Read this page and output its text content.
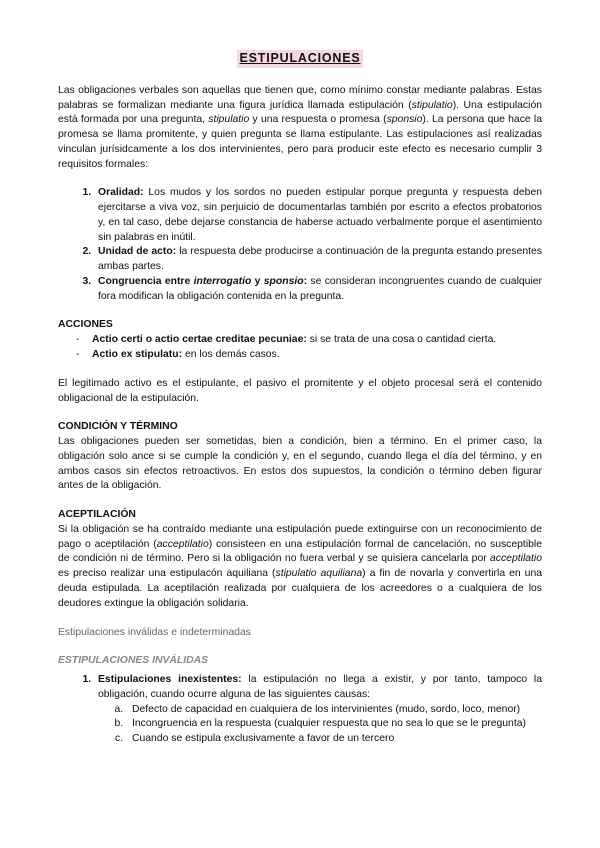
ESTIPULACIONES

Las obligaciones verbales son aquellas que tienen que, como mínimo constar mediante palabras. Estas palabras se formalizan mediante una figura jurídica llamada estipulación (stipulatio). Una estipulación está formada por una pregunta, stipulatio y una respuesta o promesa (sponsio). La persona que hace la promesa se llama promitente, y quien pregunta se llama estipulante. Las estipulaciones así realizadas vinculan jurísidcamente a los dos intervinientes, pero para producir este efecto es necesario cumplir 3 requisitos formales:

1. Oralidad: Los mudos y los sordos no pueden estipular porque pregunta y respuesta deben ejercitarse a viva voz, sin perjuicio de documentarlas también por escrito a efectos probatorios y, en tal caso, debe dejarse constancia de haberse actuado verbalmente porque el asentimiento sin palabras en inútil.
2. Unidad de acto: la respuesta debe producirse a continuación de la pregunta estando presentes ambas partes.
3. Congruencia entre interrogatio y sponsio: se consideran incongruentes cuando de cualquier fora modifican la obligación contenida en la pregunta.

ACCIONES

- Actio certi o actio certae creditae pecuniae: si se trata de una cosa o cantidad cierta.
- Actio ex stipulatu: en los demás casos.

El legitimado activo es el estipulante, el pasivo el promitente y el objeto procesal será el contenido obligacional de la estipulación.

CONDICIÓN Y TÉRMINO

Las obligaciones pueden ser sometidas, bien a condición, bien a término. En el primer caso, la obligación solo ance si se cumple la condición y, en el segundo, cuando llega el día del término, y en ambos casos sin efectos retroactivos. En estos dos supuestos, la condición o término deben figurar antes de la obligación.

ACEPTILACIÓN

Si la obligación se ha contraído mediante una estipulación puede extinguirse con un reconocimiento de pago o aceptilación (acceptilatio) consisteen en una estipulación formal de cancelación, no susceptible de condición ni de término. Pero si la obligación no fuera verbal y se quisiera cancelarla por acceptilatio es preciso realizar una estipulacón aquiliana (stipulatio aquiliana) a fin de novarla y convertirla en una deuda estipulada. La aceptilación realizada por cualquiera de los acreedores o a cualquiera de los deudores extingue la obligación solidaria.

Estipulaciones inválidas e indeterminadas

ESTIPULACIONES INVÁLIDAS

1. Estipulaciones inexistentes: la estipulación no llega a existir, y por tanto, tampoco la obligación, cuando ocurre alguna de las siguientes causas:
a. Defecto de capacidad en cualquiera de los intervinientes (mudo, sordo, loco, menor)
b. Incongruencia en la respuesta (cualquier respuesta que no sea lo que se le pregunta)
c. Cuando se estipula exclusivamente a favor de un tercero
